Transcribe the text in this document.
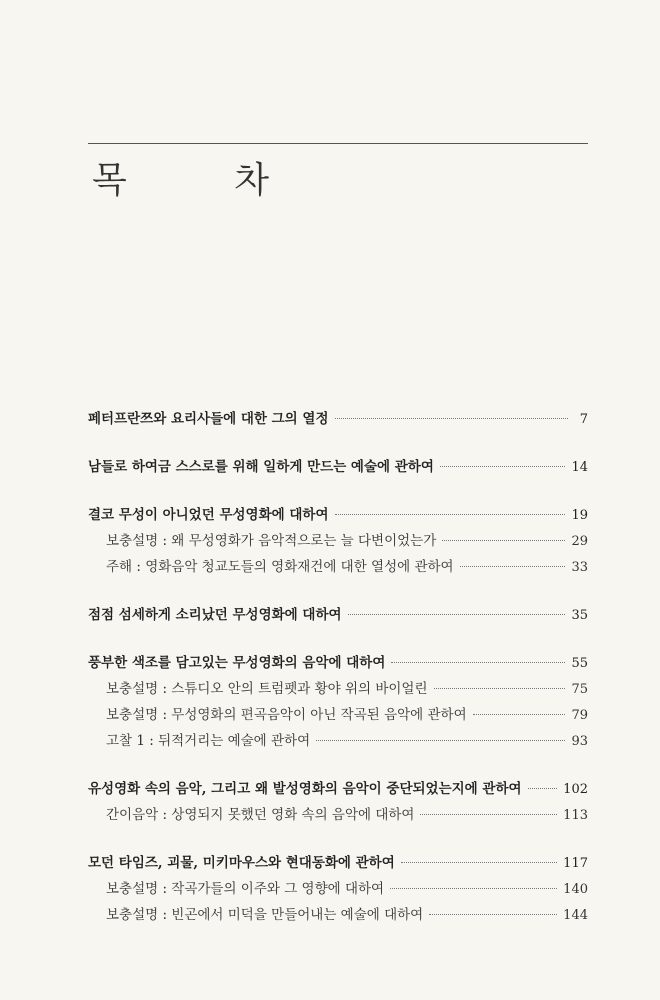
목 차
페터프란쯔와 요리사들에 대한 그의 열정	7
남들로 하여금 스스로를 위해 일하게 만드는 예술에 관하여	14
결코 무성이 아니었던 무성영화에 대하여	19
보충설명 : 왜 무성영화가 음악적으로는 늘 다변이었는가	29
주해 : 영화음악 청교도들의 영화재건에 대한 열성에 관하여	33
점점 섬세하게 소리났던 무성영화에 대하여	35
풍부한 색조를 담고있는 무성영화의 음악에 대하여	55
보충설명 : 스튜디오 안의 트럼펫과 황야 위의 바이얼린	75
보충설명 : 무성영화의 편곡음악이 아닌 작곡된 음악에 관하여	79
고찰 1 : 뒤적거리는 예술에 관하여	93
유성영화 속의 음악, 그리고 왜 발성영화의 음악이 중단되었는지에 관하여	102
간이음악 : 상영되지 못했던 영화 속의 음악에 대하여	113
모던 타임즈, 괴물, 미키마우스와 현대동화에 관하여	117
보충설명 : 작곡가들의 이주와 그 영향에 대하여	140
보충설명 : 빈곤에서 미덕을 만들어내는 예술에 대하여	144
